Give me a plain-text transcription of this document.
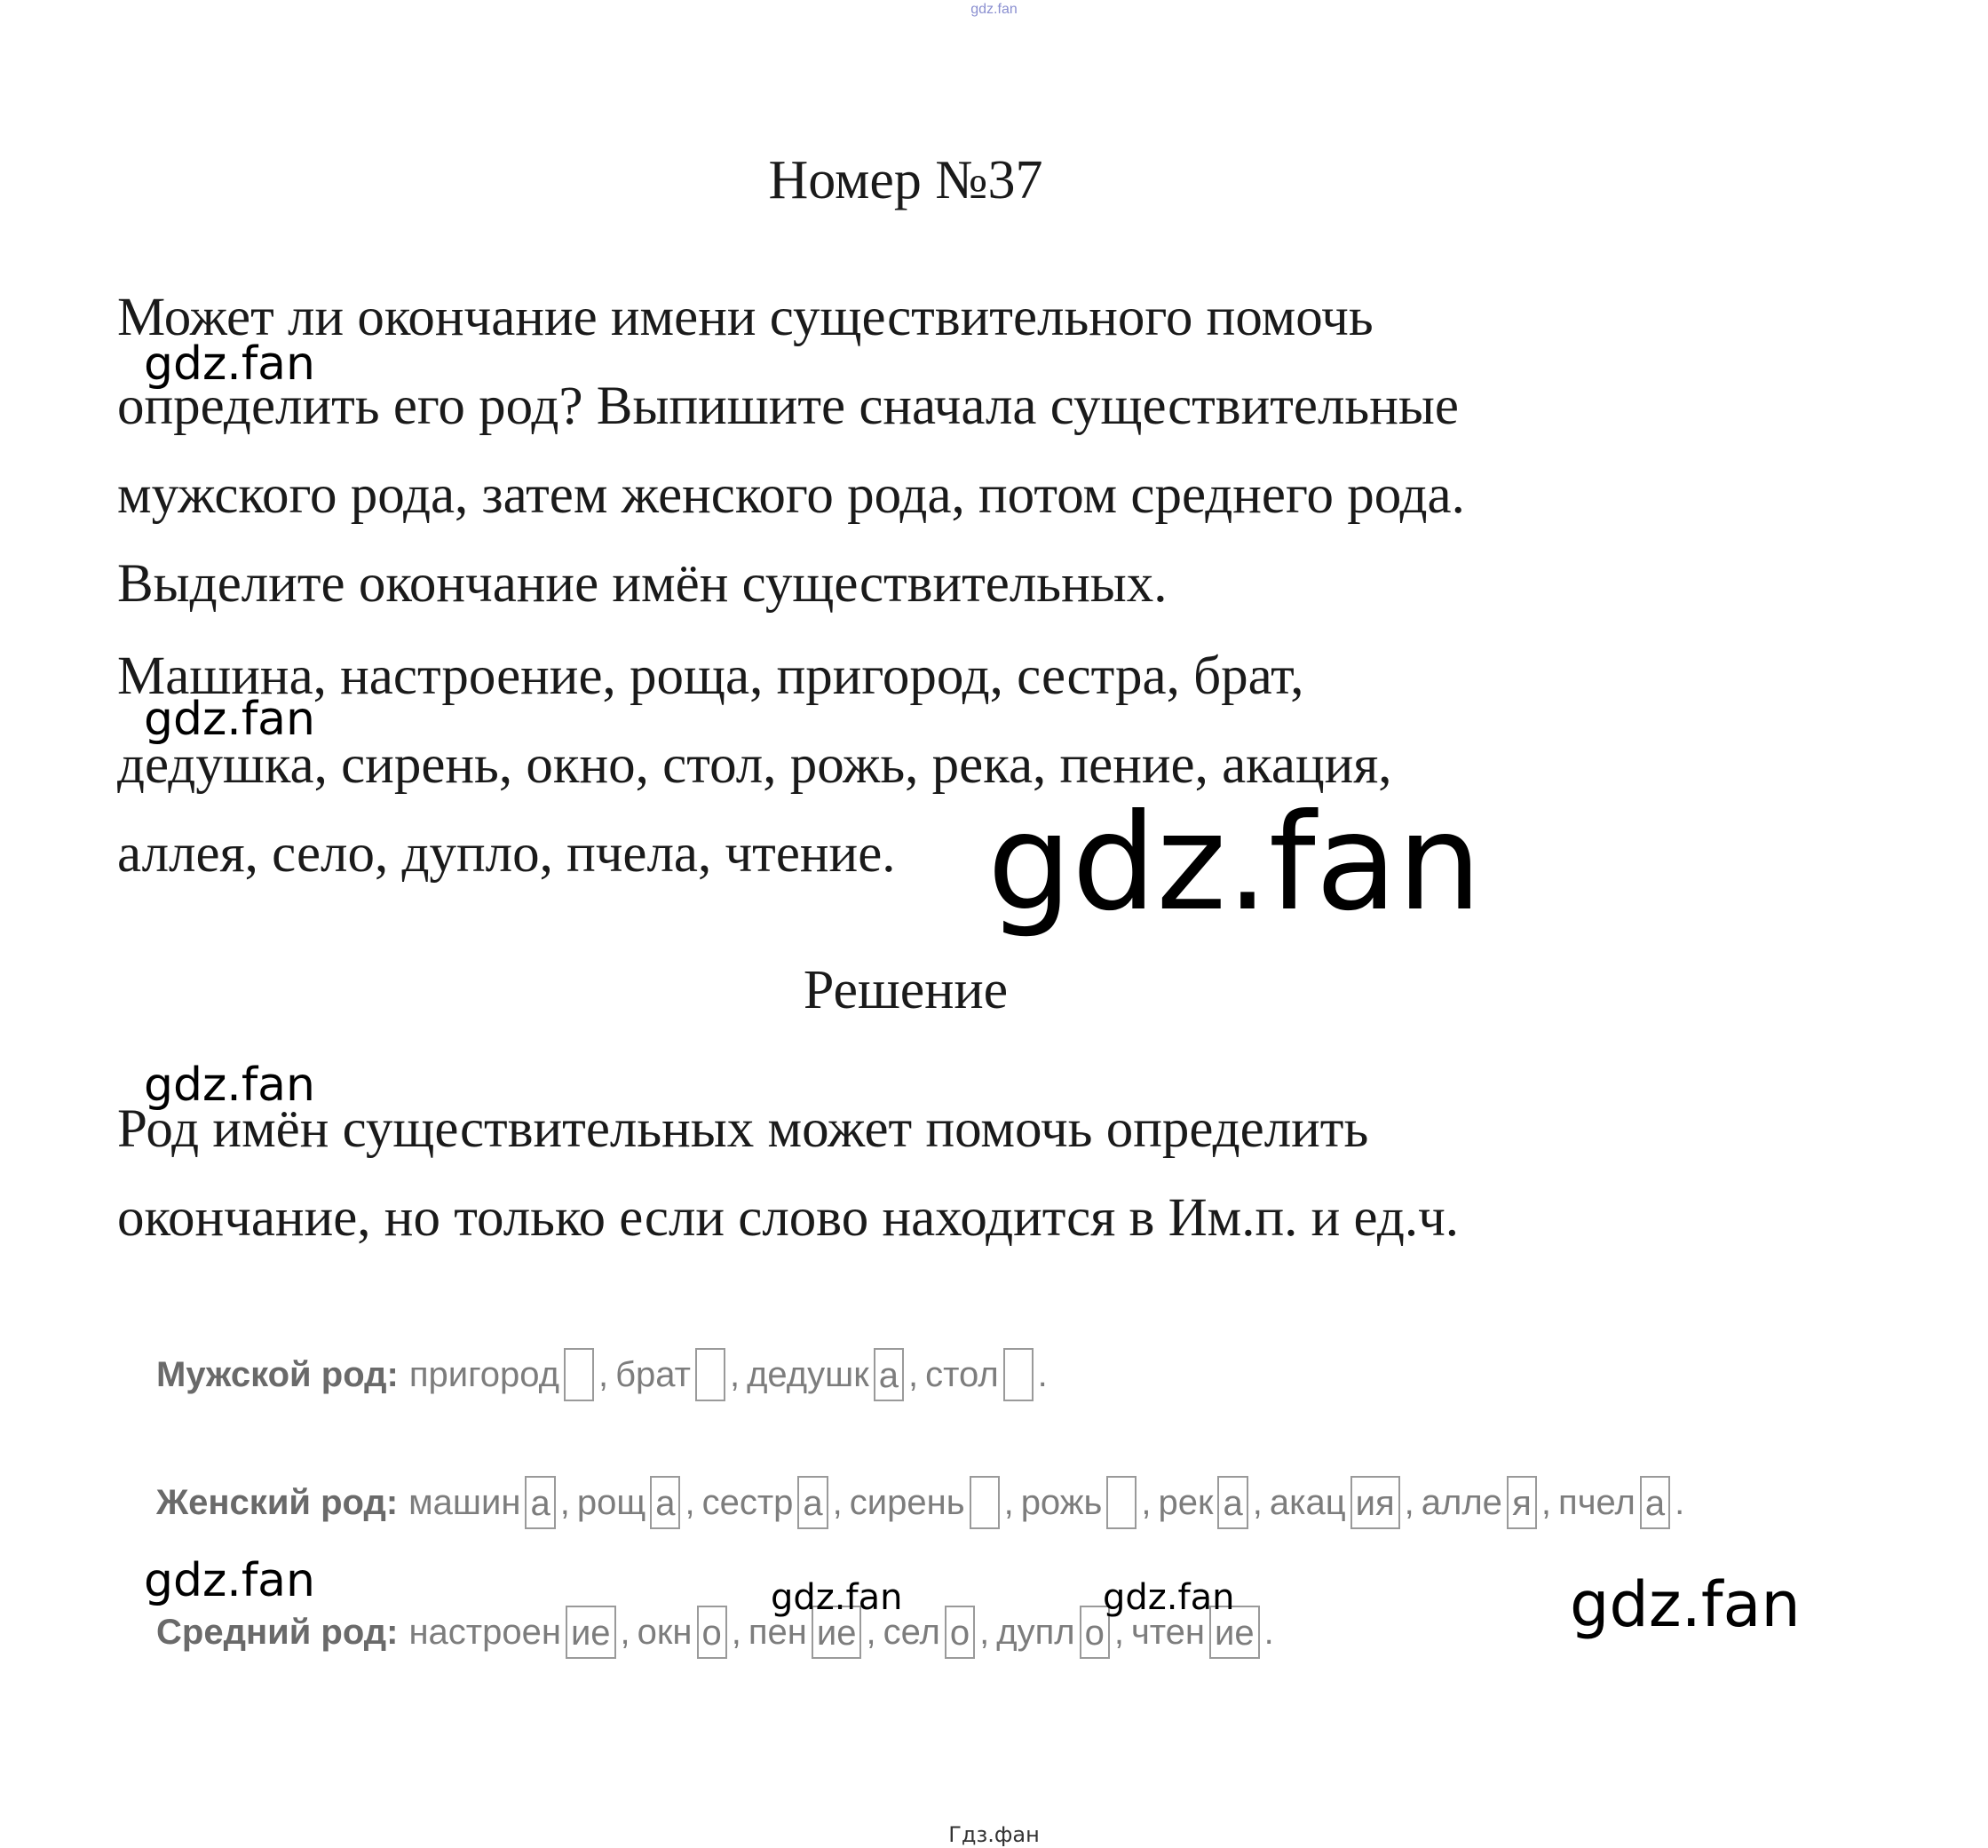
gdz.fan
Номер №37
Может ли окончание имени существительного помочь
определить его род? Выпишите сначала существительные
мужского рода, затем женского рода, потом среднего рода.
Выделите окончание имён существительных.
Машина, настроение, роща, пригород, сестра, брат,
дедушка, сирень, окно, стол, рожь, река, пение, акация,
аллея, село, дупло, пчела, чтение.
Решение
Род имён существительных может помочь определить
окончание, но только если слово находится в Им.п. и ед.ч.
Мужской род: пригород , брат , дедушк а , стол .
Женский род: машин а , рощ а , сестр а , сирень , рожь , рек а , акац ия , алле я , пчел а .
Средний род: настроен ие , окн о , пен ие , сел о , дупл о , чтен ие .
gdz.fan
gdz.fan
gdz.fan
gdz.fan
gdz.fan	gdz.fan	gdz.fan	gdz.fan
Гдз.фан
